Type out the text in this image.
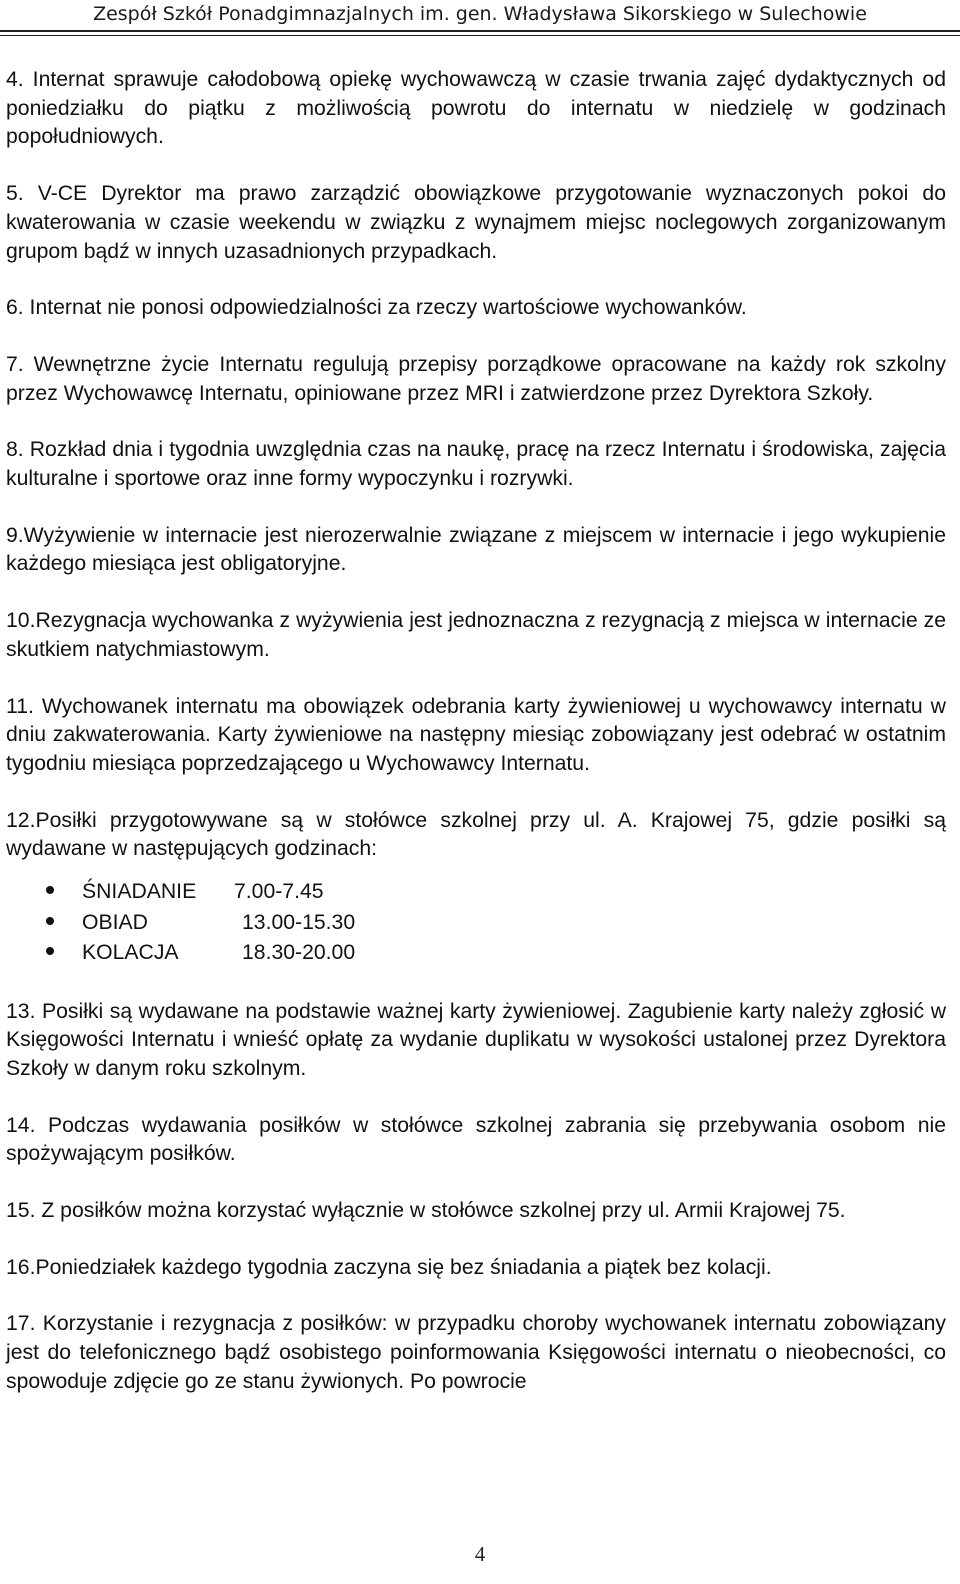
Zespół Szkół Ponadgimnazjalnych im. gen. Władysława Sikorskiego w Sulechowie

4. Internat sprawuje całodobową opiekę wychowawczą w czasie trwania zajęć dydaktycznych od poniedziałku do piątku z możliwością powrotu do internatu w niedzielę w godzinach popołudniowych.

5. V-CE Dyrektor ma prawo zarządzić obowiązkowe przygotowanie wyznaczonych pokoi do kwaterowania w czasie weekendu w związku z wynajmem miejsc noclegowych zorganizowanym grupom bądź w innych uzasadnionych przypadkach.

6. Internat nie ponosi odpowiedzialności za rzeczy wartościowe wychowanków.

7. Wewnętrzne życie Internatu regulują przepisy porządkowe opracowane na każdy rok szkolny przez Wychowawcę Internatu, opiniowane przez MRI i zatwierdzone przez Dyrektora Szkoły.

8. Rozkład dnia i tygodnia uwzględnia czas na naukę, pracę na rzecz Internatu i środowiska, zajęcia kulturalne i sportowe oraz inne formy wypoczynku i rozrywki.

9.Wyżywienie w internacie jest nierozerwalnie związane z miejscem w internacie i jego wykupienie każdego miesiąca jest obligatoryjne.

10.Rezygnacja wychowanka z wyżywienia jest jednoznaczna z rezygnacją z miejsca w internacie ze skutkiem natychmiastowym.

11. Wychowanek internatu ma obowiązek odebrania karty żywieniowej u wychowawcy internatu w dniu zakwaterowania. Karty żywieniowe na następny miesiąc zobowiązany jest odebrać w ostatnim tygodniu miesiąca poprzedzającego u Wychowawcy Internatu.

12.Posiłki przygotowywane są w stołówce szkolnej przy ul. A. Krajowej 75, gdzie posiłki są wydawane w następujących godzinach:

ŚNIADANIE	7.00-7.45
OBIAD	13.00-15.30
KOLACJA	18.30-20.00

13. Posiłki są wydawane na podstawie ważnej karty żywieniowej. Zagubienie karty należy zgłosić w Księgowości Internatu i wnieść opłatę za wydanie duplikatu w wysokości ustalonej przez Dyrektora Szkoły w danym roku szkolnym.

14. Podczas wydawania posiłków w stołówce szkolnej zabrania się przebywania osobom nie spożywającym posiłków.

15. Z posiłków można korzystać wyłącznie w stołówce szkolnej przy ul. Armii Krajowej 75.

16.Poniedziałek każdego tygodnia zaczyna się bez śniadania a piątek bez kolacji.

17. Korzystanie i rezygnacja z posiłków: w przypadku choroby wychowanek internatu zobowiązany jest do telefonicznego bądź osobistego poinformowania Księgowości internatu o nieobecności, co spowoduje zdjęcie go ze stanu żywionych. Po powrocie

4
